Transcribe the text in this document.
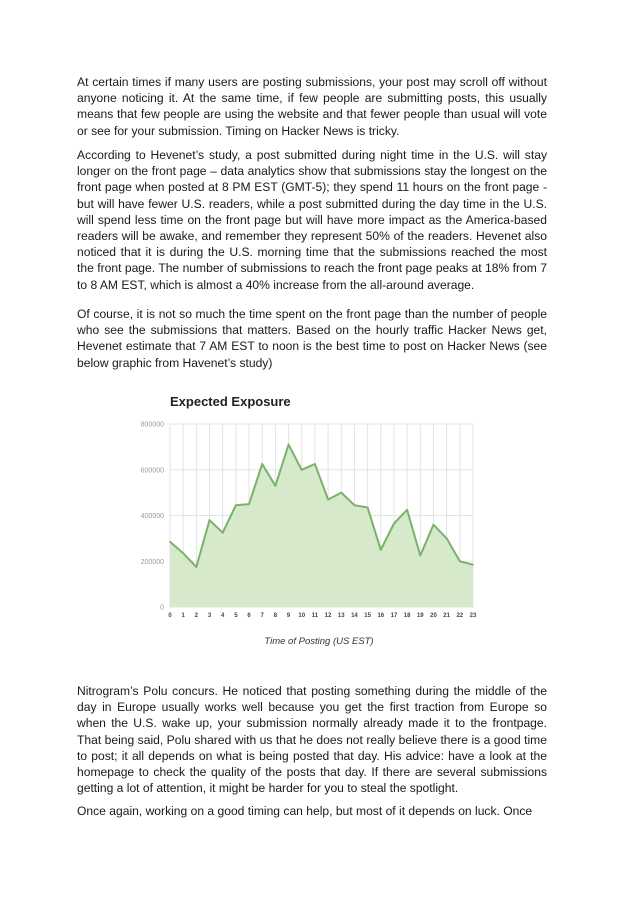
At certain times if many users are posting submissions, your post may scroll off without anyone noticing it. At the same time, if few people are submitting posts, this usually means that few people are using the website and that fewer people than usual will vote or see for your submission. Timing on Hacker News is tricky.

According to Hevenet’s study, a post submitted during night time in the U.S. will stay longer on the front page – data analytics show that submissions stay the longest on the front page when posted at 8 PM EST (GMT-5); they spend 11 hours on the front page - but will have fewer U.S. readers, while a post submitted during the day time in the U.S. will spend less time on the front page but will have more impact as the America-based readers will be awake, and remember they represent 50% of the readers. Hevenet also noticed that it is during the U.S. morning time that the submissions reached the most the front page. The number of submissions to reach the front page peaks at 18% from 7 to 8 AM EST, which is almost a 40% increase from the all-around average.

Of course, it is not so much the time spent on the front page than the number of people who see the submissions that matters. Based on the hourly traffic Hacker News get, Hevenet estimate that 7 AM EST to noon is the best time to post on Hacker News (see below graphic from Havenet’s study)

Expected Exposure
0
200000
400000
600000
800000
0 1 2 3 4 5 6 7 8 9 10 11 12 13 14 15 16 17 18 19 20 21 22 23
Time of Posting (US EST)

Nitrogram’s Polu concurs. He noticed that posting something during the middle of the day in Europe usually works well because you get the first traction from Europe so when the U.S. wake up, your submission normally already made it to the frontpage. That being said, Polu shared with us that he does not really believe there is a good time to post; it all depends on what is being posted that day. His advice: have a look at the homepage to check the quality of the posts that day. If there are several submissions getting a lot of attention, it might be harder for you to steal the spotlight.

Once again, working on a good timing can help, but most of it depends on luck. Once
